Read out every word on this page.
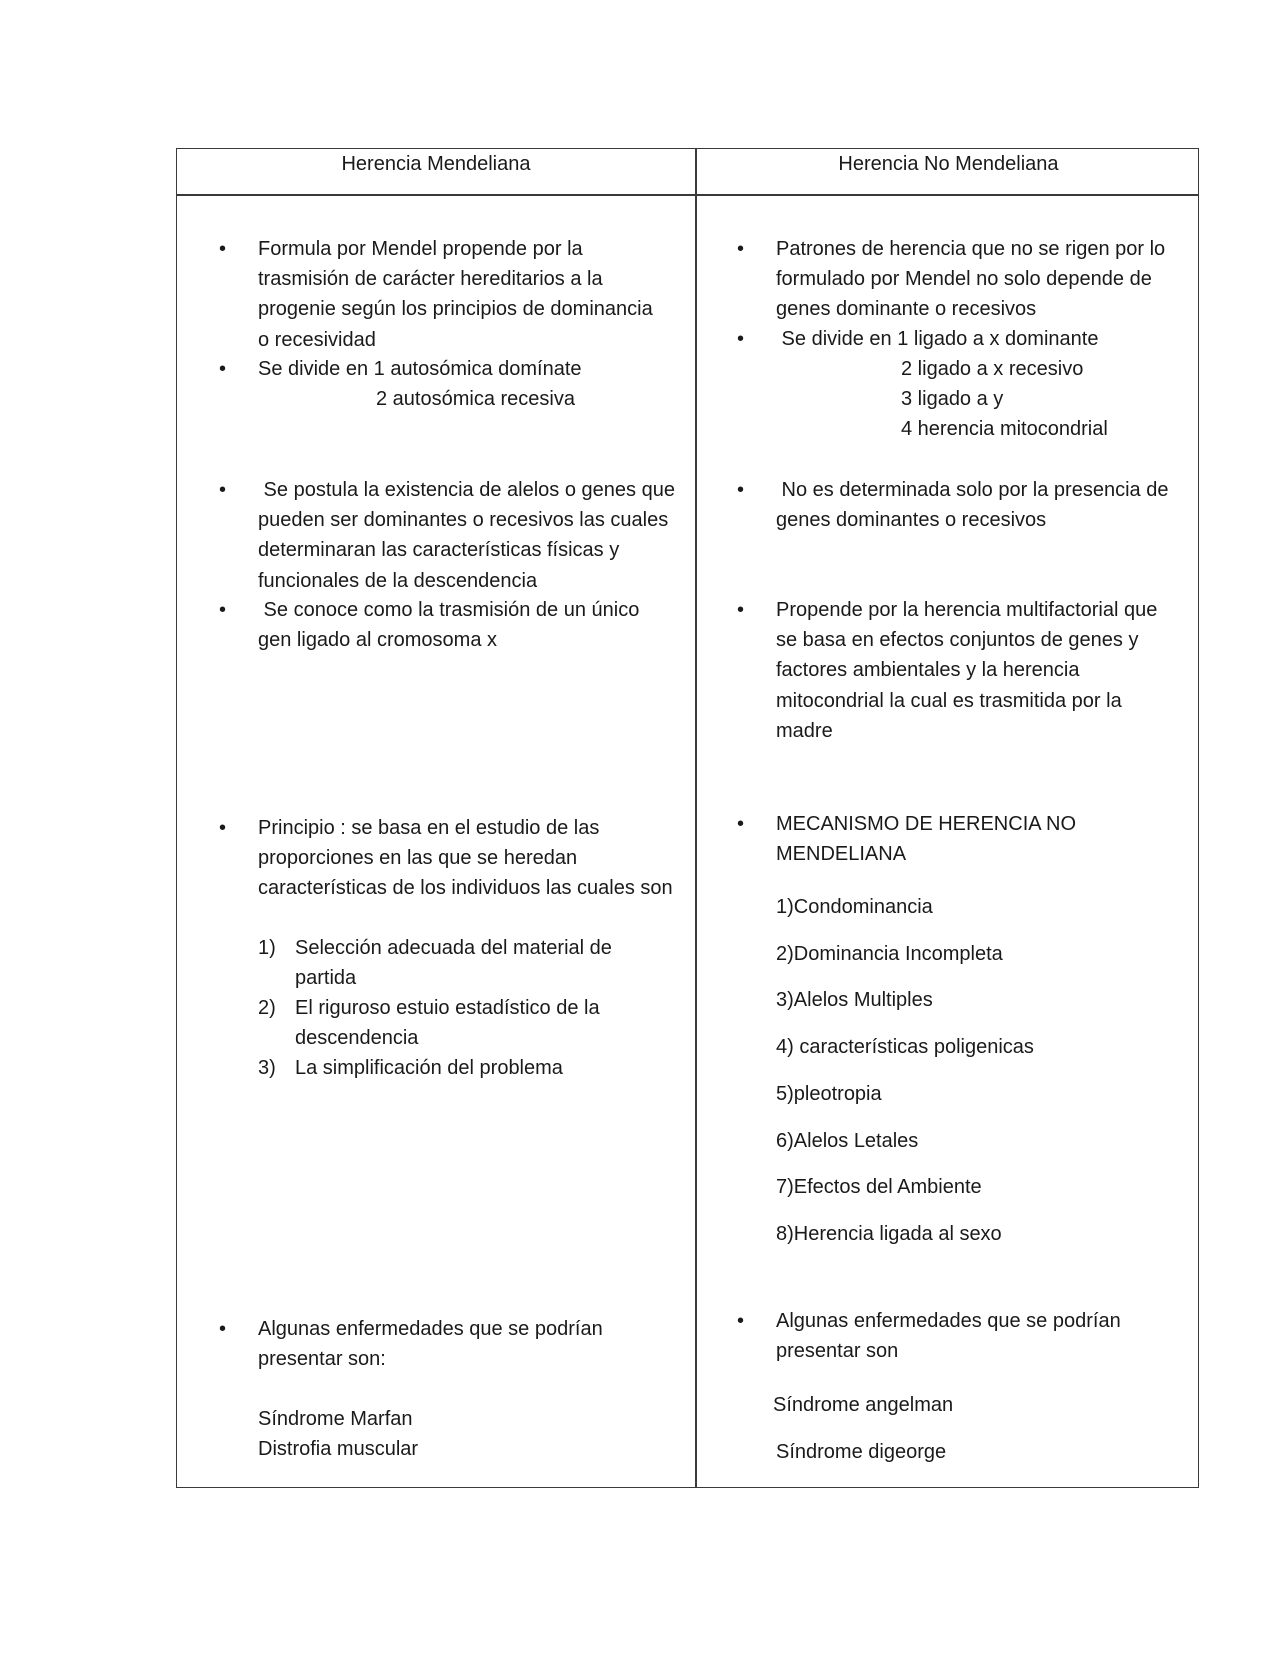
Herencia Mendeliana	Herencia No Mendeliana
•
Formula por Mendel propende por la
trasmisión de carácter hereditarios a la
progenie según los principios de dominancia
o recesividad
•
Se divide en 1 autosómica domínate
2 autosómica recesiva
•
Se postula la existencia de alelos o genes que
pueden ser dominantes o recesivos las cuales
determinaran las características físicas y
funcionales de la descendencia
•
Se conoce como la trasmisión de un único
gen ligado al cromosoma x
•
Principio : se basa en el estudio de las
proporciones en las que se heredan
características de los individuos las cuales son
1) Selección adecuada del material de
partida
2) El riguroso estuio estadístico de la
descendencia
3) La simplificación del problema
•
Algunas enfermedades que se podrían
presentar son:
Síndrome Marfan
Distrofia muscular
•
Patrones de herencia que no se rigen por lo
formulado por Mendel no solo depende de
genes dominante o recesivos
•
Se divide en 1 ligado a x dominante
2 ligado a x recesivo
3 ligado a y
4 herencia mitocondrial
•
No es determinada solo por la presencia de
genes dominantes o recesivos
•
Propende por la herencia multifactorial que
se basa en efectos conjuntos de genes y
factores ambientales y la herencia
mitocondrial la cual es trasmitida por la
madre
•
MECANISMO DE HERENCIA NO
MENDELIANA
1)Condominancia
2)Dominancia Incompleta
3)Alelos Multiples
4) características poligenicas
5)pleotropia
6)Alelos Letales
7)Efectos del Ambiente
8)Herencia ligada al sexo
•
Algunas enfermedades que se podrían
presentar son
Síndrome angelman
Síndrome digeorge
